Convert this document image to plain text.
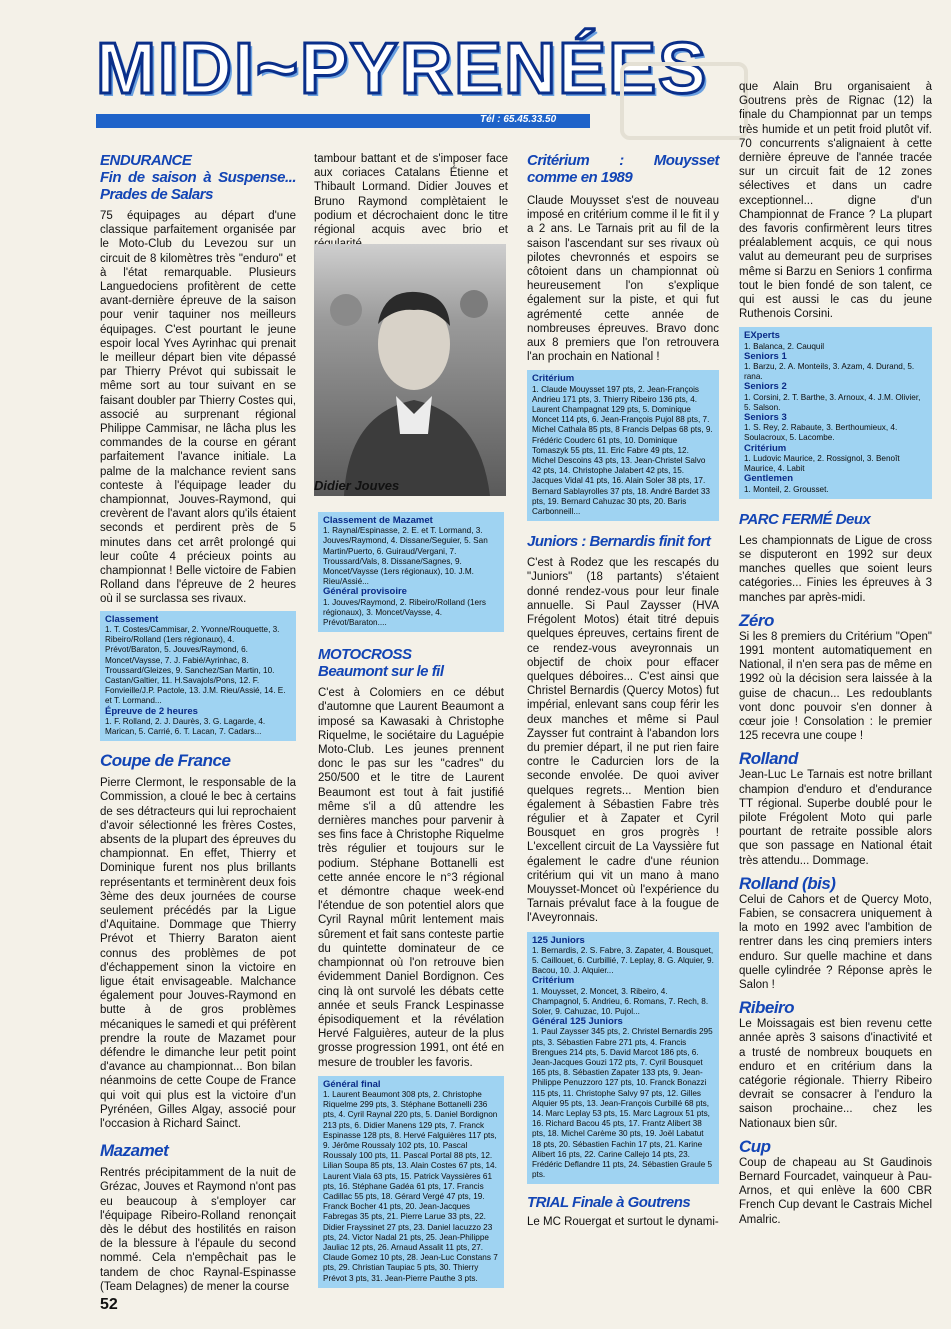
MIDI~PYRENÉES
Tél : 65.45.33.50
ENDURANCE
Fin de saison à Suspense... Prades de Salars

75 équipages au départ d'une classique parfaitement organisée par le Moto-Club du Levezou sur un circuit de 8 kilomètres très "enduro" et à l'état remarquable. Plusieurs Languedociens profitèrent de cette avant-dernière épreuve de la saison pour venir taquiner nos meilleurs équipages. C'est pourtant le jeune espoir local Yves Ayrinhac qui prenait le meilleur départ bien vite dépassé par Thierry Prévot qui subissait le même sort au tour suivant en se faisant doubler par Thierry Costes qui, associé au surprenant régional Philippe Cammisar, ne lâcha plus les commandes de la course en gérant parfaitement l'avance initiale. La palme de la malchance revient sans conteste à l'équipage leader du championnat, Jouves-Raymond, qui crevèrent de l'avant alors qu'ils étaient seconds et perdirent près de 5 minutes dans cet arrêt prolongé qui leur coûte 4 précieux points au championnat ! Belle victoire de Fabien Rolland dans l'épreuve de 2 heures où il se surclassa ses rivaux.

Classement
1. T. Costes/Cammisar, 2. Yvonne/Rouquette, 3. Ribeiro/Rolland (1ers régionaux), 4. Prévot/Baraton, 5. Jouves/Raymond, 6. Moncet/Vaysse, 7. J. Fabié/Ayrinhac, 8. Troussard/Gleizes, 9. Sanchez/San Martin, 10. Castan/Galtier, 11. H.Savajols/Pons, 12. F. Fonvieille/J.P. Pactole, 13. J.M. Rieu/Assié, 14. E. et T. Lormand...
Épreuve de 2 heures
1. F. Rolland, 2. J. Daurès, 3. G. Lagarde, 4. Marican, 5. Carrié, 6. T. Lacan, 7. Cadars...
Coupe de France

Pierre Clermont, le responsable de la Commission, a cloué le bec à certains de ses détracteurs qui lui reprochaient d'avoir sélectionné les frères Costes, absents de la plupart des épreuves du championnat. En effet, Thierry et Dominique furent nos plus brillants représentants et terminèrent deux fois 3ème des deux journées de course seulement précédés par la Ligue d'Aquitaine. Dommage que Thierry Prévot et Thierry Baraton aient connus des problèmes de pot d'échappement sinon la victoire en ligue était envisageable. Malchance également pour Jouves-Raymond en butte à de gros problèmes mécaniques le samedi et qui préfèrent prendre la route de Mazamet pour défendre le dimanche leur petit point d'avance au championnat... Bon bilan néanmoins de cette Coupe de France qui voit qui plus est la victoire d'un Pyrénéen, Gilles Algay, associé pour l'occasion à Richard Sainct.

Mazamet

Rentrés précipitamment de la nuit de Grézac, Jouves et Raymond n'ont pas eu beaucoup à s'employer car l'équipage Ribeiro-Rolland renonçait dès le début des hostilités en raison de la blessure à l'épaule du second nommé. Cela n'empêchait pas le tandem de choc Raynal-Espinasse (Team Delagnes) de mener la course

tambour battant et de s'imposer face aux coriaces Catalans Étienne et Thibault Lormand. Didier Jouves et Bruno Raymond complètaient le podium et décrochaient donc le titre régional acquis avec brio et

Didier Jouves
Classement de Mazamet
1. Raynal/Espinasse, 2. E. et T. Lormand, 3. Jouves/Raymond, 4. Dissane/Seguier, 5. San Martin/Puerto, 6. Guiraud/Vergani, 7. Troussard/Vals, 8. Dissane/Sagnes, 9. Moncet/Vaysse (1ers régionaux), 10. J.M. Rieu/Assié...
Général provisoire
1. Jouves/Raymond, 2. Ribeiro/Rolland (1ers régionaux), 3. Moncet/Vaysse, 4. Prévot/Baraton....
MOTOCROSS
Beaumont sur le fil

C'est à Colomiers en ce début d'automne que Laurent Beaumont a imposé sa Kawasaki à Christophe Riquelme, le sociétaire du Laguépie Moto-Club. Les jeunes prennent donc le pas sur les "cadres" du 250/500 et le titre de Laurent Beaumont est tout à fait justifié même s'il a dû attendre les dernières manches pour parvenir à ses fins face à Christophe Riquelme très régulier et toujours sur le podium. Stéphane Bottanelli est cette année encore le n°3 régional et démontre chaque week-end l'étendue de son potentiel alors que Cyril Raynal mûrit lentement mais sûrement et fait sans conteste partie du quintette dominateur de ce championnat où l'on retrouve bien évidemment Daniel Bordignon. Ces cinq là ont survolé les débats cette année et seuls Franck Lespinasse épisodiquement et la révélation Hervé Falguières, auteur de la plus grosse progression 1991, ont été en mesure de troubler les favoris.

Général final
1. Laurent Beaumont 308 pts, 2. Christophe Riquelme 299 pts, 3. Stéphane Bottanelli 236 pts, 4. Cyril Raynal 220 pts, 5. Daniel Bordignon 213 pts, 6. Didier Manens 129 pts, 7. Franck Espinasse 128 pts, 8. Hervé Falguières 117 pts, 9. Jérôme Roussaly 102 pts, 10. Pascal Roussaly 100 pts, 11. Pascal Portal 88 pts, 12. Lilian Soupa 85 pts, 13. Alain Costes 67 pts, 14. Laurent Viala 63 pts, 15. Patrick Vayssières 61 pts, 16. Stéphane Gadéa 61 pts, 17. Francis Cadillac 55 pts, 18. Gérard Vergé 47 pts, 19. Franck Bocher 41 pts, 20. Jean-Jacques Fabregas 35 pts, 21. Pierre Larue 33 pts, 22. Didier Frayssinet 27 pts, 23. Daniel Iacuzzo 23 pts, 24. Victor Nadal 21 pts, 25. Jean-Philippe Jauliac 12 pts, 26. Arnaud Assalit 11 pts, 27. Claude Gomez 10 pts, 28. Jean-Luc Constans 7 pts, 29. Christian Taupiac 5 pts, 30. Thierry Prévot 3 pts, 31. Jean-Pierre Pauthe 3 pts.
Critérium : Mouysset comme en 1989

Claude Mouysset s'est de nouveau imposé en critérium comme il le fit il y a 2 ans. Le Tarnais prit au fil de la saison l'ascendant sur ses rivaux où pilotes chevronnés et espoirs se côtoient dans un championnat où heureusement l'on s'explique également sur la piste, et qui fut agrémenté cette année de nombreuses épreuves. Bravo donc aux 8 premiers que l'on retrouvera l'an prochain en National !

Critérium
1. Claude Mouysset 197 pts, 2. Jean-François Andrieu 171 pts, 3. Thierry Ribeiro 136 pts, 4. Laurent Champagnat 129 pts, 5. Dominique Moncet 114 pts, 6. Jean-François Pujol 88 pts, 7. Michel Cathala 85 pts, 8 Francis Delpas 68 pts, 9. Frédéric Couderc 61 pts, 10. Dominique Tomaszyk 55 pts, 11. Eric Fabre 49 pts, 12. Michel Descoins 43 pts, 13. Jean-Christel Salvo 42 pts, 14. Christophe Jalabert 42 pts, 15. Jacques Vidal 41 pts, 16. Alain Soler 38 pts, 17. Bernard Sablayrolles 37 pts, 18. André Bardet 33 pts, 19. Bernard Cahuzac 30 pts, 20. Baris Carbonneill...
Juniors : Bernardis finit fort

C'est à Rodez que les rescapés du "Juniors" (18 partants) s'étaient donné rendez-vous pour leur finale annuelle. Si Paul Zaysser (HVA Frégolent Motos) était titré depuis quelques épreuves, certains firent de ce rendez-vous aveyronnais un objectif de choix pour effacer quelques déboires... C'est ainsi que Christel Bernardis (Quercy Motos) fut impérial, enlevant sans coup férir les deux manches et même si Paul Zaysser fut contraint à l'abandon lors du premier départ, il ne put rien faire contre le Cadurcien lors de la seconde envolée. De quoi aviver quelques regrets... Mention bien également à Sébastien Fabre très régulier et à Zapater et Cyril Bousquet en gros progrès ! L'excellent circuit de La Vayssière fut également le cadre d'une réunion critérium qui vit un mano à mano Mouysset-Moncet où l'expérience du Tarnais prévalut face à la fougue de l'Aveyronnais.

125 Juniors
1. Bernardis, 2. S. Fabre, 3. Zapater, 4. Bousquet, 5. Caillouet, 6. Curbillié, 7. Leplay, 8. G. Alquier, 9. Bacou, 10. J. Alquier...
Critérium
1. Mouysset, 2. Moncet, 3. Ribeiro, 4. Champagnol, 5. Andrieu, 6. Romans, 7. Rech, 8. Soler, 9. Cahuzac, 10. Pujol...
Général 125 Juniors
1. Paul Zaysser 345 pts, 2. Christel Bernardis 295 pts, 3. Sébastien Fabre 271 pts, 4. Francis Brengues 214 pts, 5. David Marcot 186 pts, 6. Jean-Jacques Gouzi 172 pts, 7. Cyril Bousquet 165 pts, 8. Sébastien Zapater 133 pts, 9. Jean-Philippe Penuzzoro 127 pts, 10. Franck Bonazzi 115 pts, 11. Christophe Salvy 97 pts, 12. Gilles Alquier 95 pts, 13. Jean-François Curbillé 68 pts, 14. Marc Leplay 53 pts, 15. Marc Lagroux 51 pts, 16. Richard Bacou 45 pts, 17. Frantz Alibert 38 pts, 18. Michel Carème 30 pts, 19. Joël Labatut 18 pts, 20. Sébastien Fachin 17 pts, 21. Karine Alibert 16 pts, 22. Carine Callejo 14 pts, 23. Frédéric Deflandre 11 pts, 24. Sébastien Graule 5 pts.
TRIAL Finale à Goutrens

Le MC Rouergat et surtout le dynami-

que Alain Bru organisaient à Goutrens près de Rignac (12) la finale du Championnat par un temps très humide et un petit froid plutôt vif. 70 concurrents s'alignaient à cette dernière épreuve de l'année tracée sur un circuit fait de 12 zones sélectives et dans un cadre exceptionnel... digne d'un Championnat de France ? La plupart des favoris confirmèrent leurs titres préalablement acquis, ce qui nous valut au demeurant peu de surprises même si Barzu en Seniors 1 confirma tout le bien fondé de son talent, ce qui est aussi le cas du jeune Ruthenois Corsini.

EXperts
1. Balanca, 2. Cauquil
Seniors 1
1. Barzu, 2. A. Monteils, 3. Azam, 4. Durand, 5. rana.
Seniors 2
1. Corsini, 2. T. Barthe, 3. Arnoux, 4. J.M. Olivier, 5. Salson.
Seniors 3
1. S. Rey, 2. Rabaute, 3. Berthoumieux, 4. Soulacroux, 5. Lacombe.
Critérium
1. Ludovic Maurice, 2. Rossignol, 3. Benoît Maurice, 4. Labit
Gentlemen
1. Monteil, 2. Grousset.
PARC FERMÉ Deux

Les championnats de Ligue de cross se disputeront en 1992 sur deux manches quelles que soient leurs catégories... Finies les épreuves à 3 manches par après-midi.

Zéro

Si les 8 premiers du Critérium "Open" 1991 montent automatiquement en National, il n'en sera pas de même en 1992 où la décision sera laissée à la guise de chacun... Les redoublants vont donc pouvoir s'en donner à cœur joie ! Consolation : le premier 125 recevra une coupe !

Rolland

Jean-Luc Le Tarnais est notre brillant champion d'enduro et d'endurance TT régional. Superbe doublé pour le pilote Frégolent Moto qui parle pourtant de retraite possible alors que son passage en National était très attendu... Dommage.

Rolland (bis)

Celui de Cahors et de Quercy Moto, Fabien, se consacrera uniquement à la moto en 1992 avec l'ambition de rentrer dans les cinq premiers inters enduro. Sur quelle machine et dans quelle cylindrée ? Réponse après le Salon !

Ribeiro

Le Moissagais est bien revenu cette année après 3 saisons d'inactivité et a trusté de nombreux bouquets en enduro et en critérium dans la catégorie régionale. Thierry Ribeiro devrait se consacrer à l'enduro la saison prochaine... chez les Nationaux bien sûr.

Cup

Coup de chapeau au St Gaudinois Bernard Fourcadet, vainqueur à Pau-Arnos, et qui enlève la 600 CBR French Cup devant le Castrais Michel Amalric.

52
